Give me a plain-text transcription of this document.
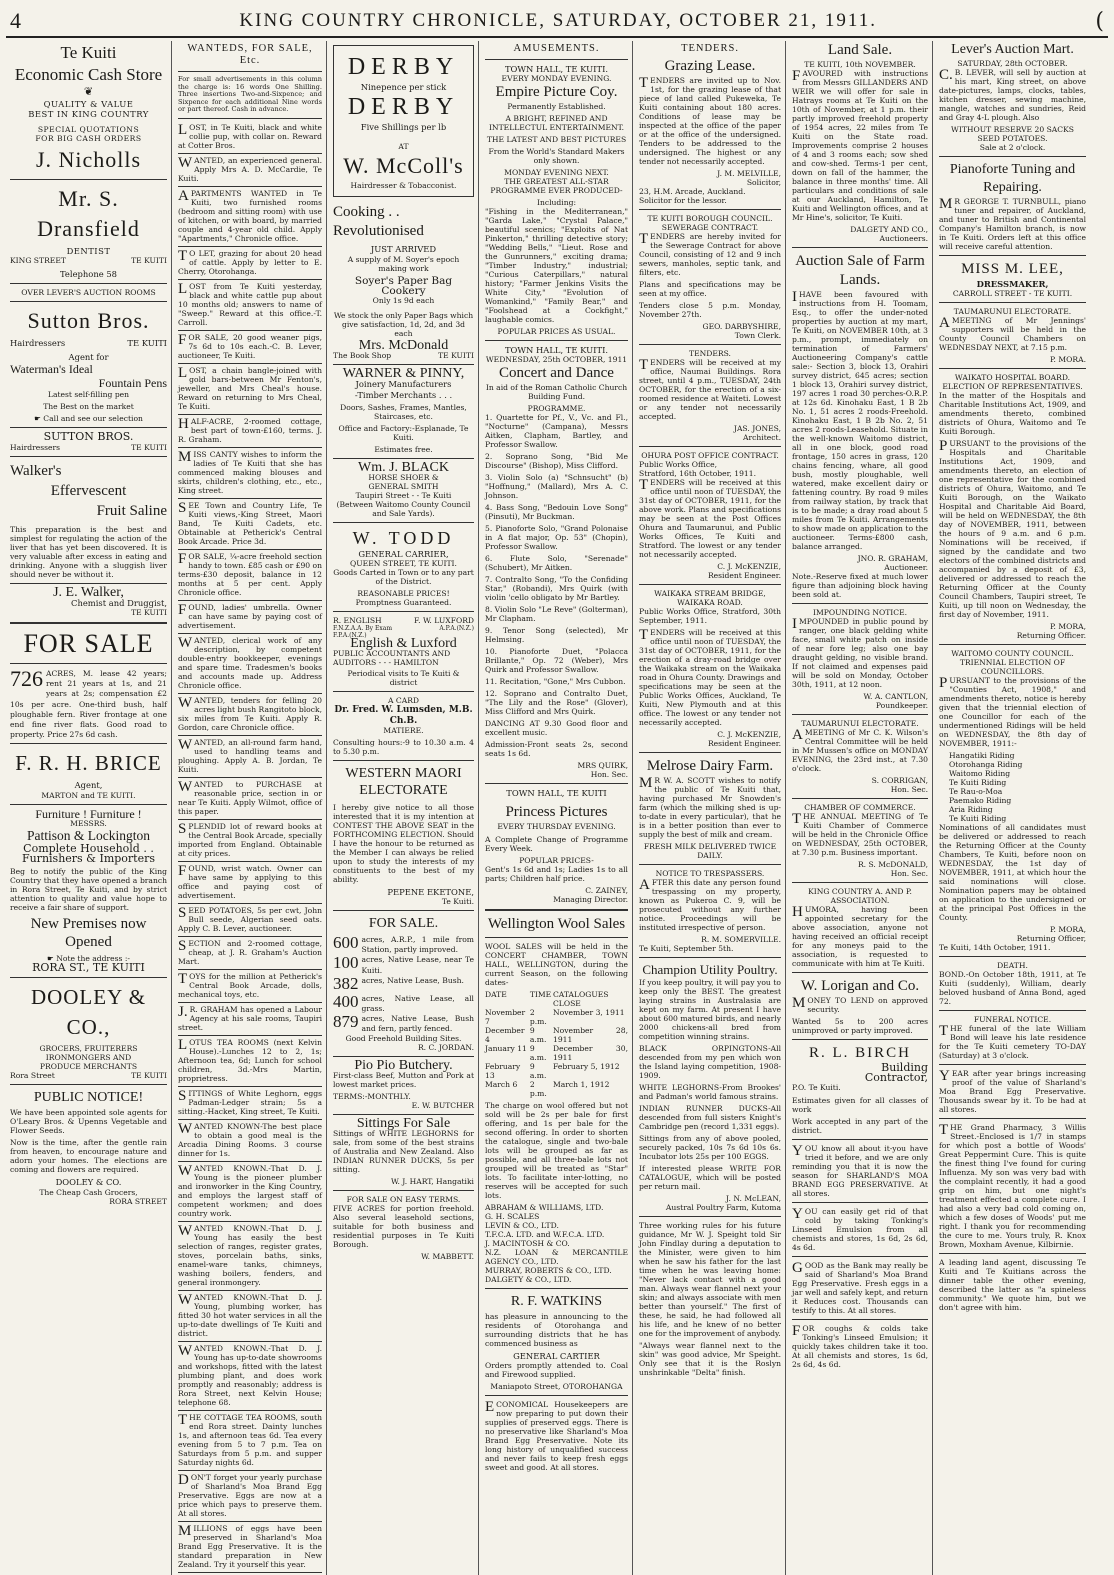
4	KING COUNTRY CHRONICLE, SATURDAY, OCTOBER 21, 1911.	(
Te Kuiti
Economic Cash Store
❦
QUALITY & VALUE
BEST IN KING COUNTRY
SPECIAL QUOTATIONS
FOR BIG CASH ORDERS
J. Nicholls
Mr. S. Dransfield
DENTIST
KING STREET	TE KUITI
Telephone 58
OVER LEVER'S AUCTION ROOMS
Sutton Bros.
Hairdressers	TE KUITI
Agent for
Waterman's Ideal
Fountain Pens
Latest self-filling pen
The Best on the market
☛ Call and see our selection
SUTTON BROS.
Hairdressers	TE KUITI
Walker's
Effervescent
Fruit Saline

This preparation is the best and simplest for regulating the action of the liver that has yet been discovered. It is very valuable after excess in eating and drinking. Anyone with a sluggish liver should never be without it.

J. E. Walker,
Chemist and Druggist,
TE KUITI
FOR SALE
726 ACRES, M. lease 42 years; rent 21 years at 1s, and 21 years at 2s; compensation £2 10s per acre. One-third bush, half ploughable fern. River frontage at one end fine river flats. Good road to property. Price 27s 6d cash.
F. R. H. BRICE
Agent,
MARTON and TE KUITI.
Furniture ! Furniture !
MESSRS.
Pattison & Lockington
Complete Household . .
Furnishers & Importers

Beg to notify the public of the King Country that they have opened a branch in Rora Street, Te Kuiti, and by strict attention to quality and value hope to receive a fair share of support.

New Premises now
Opened
☛ Note the address :-
RORA ST., TE KUITI
DOOLEY & CO.,
GROCERS, FRUITERERS
IRONMONGERS AND
PRODUCE MERCHANTS
Rora Street	TE KUITI
PUBLIC NOTICE!

We have been appointed sole agents for O'Leary Bros. & Upenns Vegetable and Flower Seeds.

Now is the time, after the gentle rain from heaven, to encourage nature and adorn your homes. The elections are coming and flowers are required.

DOOLEY & CO.
The Cheap Cash Grocers,
RORA STREET
WANTEDS, FOR SALE, Etc.

For small advertisements in this column the charge is: 16 words One Shilling. Three insertions Two-and-Sixpence; and Sixpence for each additional Nine words or part thereof. Cash in advance.

LOST, in Te Kuiti, black and white collie pup, with collar on. Reward at Cotter Bros.

WANTED, an experienced general. Apply Mrs A. D. McCardie, Te Kuiti.

APARTMENTS WANTED in Te Kuiti, two furnished rooms (bedroom and sitting room) with use of kitchen, or with board, by married couple and 4-year old child. Apply "Apartments," Chronicle office.

TO LET, grazing for about 20 head of cattle. Apply by letter to E. Cherry, Otorohanga.

LOST from Te Kuiti yesterday, black and white cattle pup about 10 months old; answers to name of "Sweep." Reward at this office.-T. Carroll.

FOR SALE, 20 good weaner pigs, 7s 6d to 10s each.-C. B. Lever, auctioneer, Te Kuiti.

LOST, a chain bangle-joined with gold bars-between Mr Fenton's, jeweller, and Mrs Cheal's house. Reward on returning to Mrs Cheal, Te Kuiti.

HALF-ACRE, 2-roomed cottage, best part of town-£160, terms. J. R. Graham.

MISS CANTY wishes to inform the ladies of Te Kuiti that she has commenced making blouses and skirts, children's clothing, etc., etc., King street.

SEE Town and Country Life, Te Kuiti views,-King Street, Maori Band, Te Kuiti Cadets, etc. Obtainable at Petherick's Central Book Arcade. Price 3d.

FOR SALE, ¼-acre freehold section handy to town. £85 cash or £90 on terms-£30 deposit, balance in 12 months at 5 per cent. Apply Chronicle office.

FOUND, ladies' umbrella. Owner can have same by paying cost of advertisement.

WANTED, clerical work of any description, by competent double-entry bookkeeper, evenings and spare time. Tradesmen's books and accounts made up. Address Chronicle office.

WANTED, tenders for felling 20 acres light bush Rangitoto block, six miles from Te Kuiti. Apply R. Gordon, care Chronicle office.

WANTED, an all-round farm hand, used to handling teams and ploughing. Apply A. B. Jordan, Te Kuiti.

WANTED to PURCHASE at reasonable price, section in or near Te Kuiti. Apply Wilmot, office of this paper.

SPLENDID lot of reward books at the Central Book Arcade, specially imported from England. Obtainable at city prices.

FOUND, wrist watch. Owner can have same by applying to this office and paying cost of advertisement.

SEED POTATOES, 5s per cwt, John Bull seede, Algerian seed oats. Apply C. B. Lever, auctioneer.

SECTION and 2-roomed cottage, cheap, at J. R. Graham's Auction Mart.

TOYS for the million at Petherick's Central Book Arcade, dolls, mechanical toys, etc.

J.R. GRAHAM has opened a Labour Agency at his sale rooms, Taupiri street.

LOTUS TEA ROOMS (next Kelvin House).-Lunches 12 to 2, 1s; Afternoon tea, 6d; Lunch for school children, 3d.-Mrs Martin, proprietress.

SITTINGS of White Leghorn, eggs Padman-Ledger strain; 5s a sitting.-Hacket, King street, Te Kuiti.

WANTED KNOWN-The best place to obtain a good meal is the Arcadia Dining Rooms. 3 course dinner for 1s.

WANTED KNOWN.-That D. J. Young is the pioneer plumber and ironworker in the King Country, and employs the largest staff of competent workmen; and does country work.

WANTED KNOWN.-That D. J. Young has easily the best selection of ranges, register grates, stoves, porcelain baths, sinks, enamel-ware tanks, chimneys, washing boilers, fenders, and general ironmongery.

WANTED KNOWN.-That D. J. Young, plumbing worker, has fitted 30 hot water services in all the up-to-date dwellings of Te Kuiti and district.

WANTED KNOWN.-That D. J. Young has up-to-date showrooms and workshops, fitted with the latest plumbing plant, and does work promptly and reasonably; address is Rora Street, next Kelvin House; telephone 68.

THE COTTAGE TEA ROOMS, south end Rora street. Dainty lunches 1s, and afternoon teas 6d. Tea every evening from 5 to 7 p.m. Tea on Saturdays from 5 p.m. and supper Saturday nights 6d.

DON'T forget your yearly purchase of Sharland's Moa Brand Egg Preservative. Eggs are now at a price which pays to preserve them. At all stores.

MILLIONS of eggs have been preserved in Sharland's Moa Brand Egg Preservative. It is the standard preparation in New Zealand. Try it yourself this year.

DERBY
Ninepence per stick
DERBY
Five Shillings per lb
AT
W. McColl's
Hairdresser & Tobacconist.
Cooking . .
Revolutionised
JUST ARRIVED

A supply of M. Soyer's epoch making work

Soyer's Paper Bag Cookery
Only 1s 9d each

We stock the only Paper Bags which give satisfaction, 1d, 2d, and 3d each

Mrs. McDonald
The Book Shop	TE KUITI
WARNER & PINNY,
Joinery Manufacturers
-Timber Merchants . . .

Doors, Sashes, Frames, Mantles, Staircases, etc.

Office and Factory:-Esplanade, Te Kuiti.

Estimates free.
Wm. J. BLACK
HORSE SHOER &
GENERAL SMITH
Taupiri Street - - Te Kuiti
(Between Waitomo County Council and Sale Yards).
W. TODD
GENERAL CARRIER,
QUEEN STREET, TE KUITI.

Goods Carted in Town or to any part of the District.

REASONABLE PRICES!
Promptness Guaranteed.
R. ENGLISH	F. W. LUXFORD
F.N.Z.A.A. By Exam	A.P.A.(N.Z.)
F.P.A.(N.Z.)
English & Luxford
PUBLIC ACCOUNTANTS AND
AUDITORS - - - HAMILTON
Periodical visits to Te Kuiti & district
A CARD
Dr. Fred. W. Lumsden, M.B. Ch.B.
MATIERE.

Consulting hours:-9 to 10.30 a.m. 4 to 5.30 p.m.

WESTERN MAORI
ELECTORATE

I hereby give notice to all those interested that it is my intention at CONTEST THE ABOVE SEAT in the FORTHCOMING ELECTION. Should I have the honour to be returned as the Member I can always be relied upon to study the interests of my constituents to the best of my ability.

PEPENE EKETONE,
Te Kuiti.
FOR SALE.
600 acres, A.R.P., 1 mile from Station, partly improved.
100 acres, Native Lease, near Te Kuiti.
382 acres, Native Lease, Bush.
400 acres, Native Lease, all grass.
879 acres, Native Lease, Bush and fern, partly fenced.
Good Freehold Building Sites.
R. C. JORDAN.
Pio Pio Butchery.

First-class Beef, Mutton and Pork at lowest market prices.

TERMS:-MONTHLY.
E. W. BUTCHER
Sittings For Sale

Sittings of WHITE LEGHORNS for sale, from some of the best strains of Australia and New Zealand. Also INDIAN RUNNER DUCKS, 5s per sitting.

W. J. HART, Hangatiki
FOR SALE ON EASY TERMS.

FIVE ACRES for portion freehold. Also several leasehold sections, suitable for both business and residential purposes in Te Kuiti Borough.

W. MABBETT.
AMUSEMENTS.
TOWN HALL, TE KUITI.
EVERY MONDAY EVENING.
Empire Picture Coy.
Permanently Established.

A BRIGHT, REFINED AND INTELLECTUL ENTERTAINMENT.

THE LATEST AND BEST PICTURES

From the World's Standard Makers only shown.

MONDAY EVENING NEXT.

THE GREATEST ALL-STAR PROGRAMME EVER PRODUCED-

Including:

"Fishing in the Mediterranean," "Garda Lake," "Crystal Palace," beautiful scenics; "Exploits of Nat Pinkerton," thrilling detective story; "Wedding Bells," "Lieut. Rose and the Gunrunners," exciting drama; "Timber Industry," industrial; "Curious Caterpillars," natural history; "Farmer Jenkins Visits the White City," "Evolution of Womankind," "Family Bear," and "Foolshead at a Cockfight," laughable comics.

POPULAR PRICES AS USUAL.
TOWN HALL, TE KUITI.
WEDNESDAY, 25th OCTOBER, 1911
Concert and Dance

In aid of the Roman Catholic Church Building Fund.

PROGRAMME.

1. Quartette for Pf., V., Vc. and Fl., "Nocturne" (Campana), Messrs Aitken, Clapham, Bartley, and Professor Swallow.

2. Soprano Song, "Bid Me Discourse" (Bishop), Miss Clifford.

3. Violin Solo (a) "Schnsucht" (b) "Hoffnung," (Mallard), Mrs A. C. Johnson.

4. Bass Song, "Bedouin Love Song" (Pinsuti), Mr Buckman.

5. Pianoforte Solo, "Grand Polonaise in A flat major, Op. 53" (Chopin), Professor Swallow.

6. Flute Solo, "Serenade" (Schubert), Mr Aitken.

7. Contralto Song, "To the Confiding Star," (Robandi), Mrs Quirk (with violin 'cello obligato by Mr Bartley.

8. Violin Solo "Le Reve" (Golterman), Mr Clapham.

9. Tenor Song (selected), Mr Helmsing.

10. Pianoforte Duet, "Polacca Brillante," Op. 72 (Weber), Mrs Quirk and Professor Swallow.

11. Recitation, "Gone," Mrs Cubbon.

12. Soprano and Contralto Duet, "The Lily and the Rose" (Glover), Miss Clifford and Mrs Quirk.

DANCING AT 9.30 Good floor and excellent music.

Admission-Front seats 2s, second seats 1s 6d.

MRS QUIRK,
Hon. Sec.
TOWN HALL, TE KUITI
Princess Pictures
EVERY THURSDAY EVENING.

A Complete Change of Programme Every Week.

POPULAR PRICES-

Gent's 1s 6d and 1s; Ladies 1s to all parts; Children half price.

C. ZAINEY,
Managing Director.
Wellington Wool Sales

WOOL SALES will be held in the CONCERT CHAMBER, TOWN HALL, WELLINGTON, during the current Season, on the following dates-

DATE	TIME	CATALOGUES CLOSE
November 7	2 p.m.	November 3, 1911
December 4	9 a.m.	November 28, 1911
January 11	9 a.m.	December 30, 1911
February 13	9 a.m.	February 5, 1912
March 6	2 p.m.	March 1, 1912

The charge on wool offered but not sold will be 2s per bale for first offering, and 1s per bale for the second offering. In order to shorten the catalogue, single and two-bale lots will be grouped as far as possible, and all three-bale lots not grouped will be treated as "Star" lots. To facilitate inter-lotting, no reserves will be accepted for such lots.

ABRAHAM & WILLIAMS, LTD.
G. H. SCALES
LEVIN & CO., LTD.
T.F.C.A. LTD. and W.F.C.A. LTD.
J. MACINTOSH & CO.
N.Z. LOAN & MERCANTILE AGENCY CO., LTD.
MURRAY, ROBERTS & CO., LTD.
DALGETY & CO., LTD.
R. F. WATKINS

has pleasure in announcing to the residents of Otorohanga and surrounding districts that he has commenced business as

GENERAL CARTIER

Orders promptly attended to. Coal and Firewood supplied.

Maniapoto Street, OTOROHANGA

ECONOMICAL Housekeepers are now preparing to put down their supplies of preserved eggs. There is no preservative like Sharland's Moa Brand Egg Preservative. Note its long history of unqualified success and never fails to keep fresh eggs sweet and good. At all stores.

TENDERS.
Grazing Lease.

TENDERS are invited up to Nov. 1st, for the grazing lease of that piece of land called Pukeweka, Te Kuiti containing about 180 acres. Conditions of lease may be inspected at the office of the paper or at the office of the undersigned. Tenders to be addressed to the undersigned. The highest or any tender not necessarily accepted.

J. M. MELVILLE,
Solicitor,
23, H.M. Arcade, Auckland.
Solicitor for the lessor.
TE KUITI BOROUGH COUNCIL.
SEWERAGE CONTRACT.

TENDERS are hereby invited for the Sewerage Contract for above Council, consisting of 12 and 9 inch sewers, manholes, septic tank, and filters, etc.

Plans and specifications may be seen at my office.

Tenders close 5 p.m. Monday, November 27th.

GEO. DARBYSHIRE,
Town Clerk.
TENDERS.

TENDERS will be received at my office, Naumai Buildings. Rora street, until 4 p.m., TUESDAY, 24th OCTOBER, for the erection of a six-roomed residence at Waiteti. Lowest or any tender not necessarily accepted.

JAS. JONES,
Architect.
OHURA POST OFFICE CONTRACT.
Public Works Office,
Stratford, 16th October, 1911.

TENDERS will be received at this office until noon of TUESDAY, the 31st day of OCTOBER, 1911, for the above work. Plans and specifications may be seen at the Post Offices Ohura and Taumarunui, and Public Works Offices, Te Kuiti and Stratford. The lowest or any tender not necessarily accepted.

C. J. McKENZIE,
Resident Engineer.
WAIKAKA STREAM BRIDGE, WAIKAKA ROAD.

Public Works Office, Stratford, 30th September, 1911.

TENDERS will be received at this office until noon of TUESDAY, the 31st day of OCTOBER, 1911, for the erection of a dray-road bridge over the Waikaka stream on the Waikaka road in Ohura County. Drawings and specifications may be seen at the Public Works Offices, Auckland, Te Kuiti, New Plymouth and at this office. The lowest or any tender not necessarily accepted.

C. J. McKENZIE,
Resident Engineer.
Melrose Dairy Farm.

MR W. A. SCOTT wishes to notify the public of Te Kuiti that, having purchased Mr Snowden's farm (which the milking shed is up-to-date in every particular), that he is in a better position than ever to supply the best of milk and cream.

FRESH MILK DELIVERED TWICE DAILY.
NOTICE TO TRESPASSERS.

AFTER this date any person found trespassing on my property, known as Pukeroa C. 9, will be prosecuted without any further notice. Proceedings will be instituted irrespective of person.

R. M. SOMERVILLE.
Te Kuiti, September 5th.
Champion Utility Poultry.

If you keep poultry, it will pay you to keep only the BEST. The greatest laying strains in Australasia are kept on my farm. At present I have about 600 matured birds, and nearly 2000 chickens-all bred from competition winning strains.

BLACK ORPINGTONS-All descended from my pen which won the Island laying competition, 1908-1909.

WHITE LEGHORNS-From Brookes' and Padman's world famous strains.

INDIAN RUNNER DUCKS-All descended from full sisters Knight's Cambridge pen (record 1,331 eggs).

Sittings from any of above pooled, securely packed, 10s 7s 6d 10s 6s. Incubator lots 25s per 100 EGGS.

If interested please WRITE FOR CATALOGUE, which will be posted per return mail.

J. N. McLEAN,
Austral Poultry Farm, Kutoma

Three working rules for his future guidance, Mr W. J. Speight told Sir John Findlay during a deputation to the Minister, were given to him when he saw his father for the last time when he was leaving home: "Never lack contact with a good man. Always wear flannel next your skin; and always associate with men better than yourself." The first of these, he said, he had followed all his life, and he knew of no better one for the improvement of anybody.

"Always wear flannel next to the skin" was good advice, Mr Speight. Only see that it is the Roslyn unshrinkable "Delta" finish.

Land Sale.
TE KUITI, 10th NOVEMBER.

FAVOURED with instructions from Messrs GILLANDERS AND WEIR we will offer for sale in Hatrays rooms at Te Kuiti on the 10th of November, at 1 p.m. their partly improved freehold property of 1954 acres, 22 miles from Te Kuiti on the State road. Improvements comprise 2 houses of 4 and 3 rooms each; sow shed and cow-shed. Terms-1 per cent, down on fall of the hammer, the balance in three months' time. All particulars and conditions of sale at our Auckland, Hamilton, Te Kuiti and Wellington offices, and at Mr Hine's, solicitor, Te Kuiti.

DALGETY AND CO.,
Auctioneers.
Auction Sale of Farm
Lands.

IHAVE been favoured with instructions from H. Toomam, Esq., to offer the under-noted properties by auction at my mart, Te Kuiti, on NOVEMBER 10th, at 3 p.m., prompt, immediately on termination of Farmers' Auctioneering Company's cattle sale:- Section 3, block 13, Orahiri survey district, 645 acres; section 1 block 13, Orahiri survey district, 197 acres 1 road 30 perches-O.R.P. at 12s 6d. Kinohaku East, 1 B 2b No. 1, 51 acres 2 roods-Freehold. Kinohaku East, 1 B 2b No. 2, 51 acres 2 roods-Leasehold. Situate in the well-known Waitomo district, all in one block, good road frontage, 150 acres in grass, 120 chains fencing, whare, all good bush, mostly ploughable, well watered, make excellent dairy or fattening country. By road 9 miles from railway station, by track that is to be made; a dray road about 5 miles from Te Kuiti. Arrangements to show made on application to the auctioneer. Terms-£800 cash, balance arranged.

JNO. R. GRAHAM,
Auctioneer.

Note.-Reserve fixed at much lower figure than adjoining block having been sold at.

IMPOUNDING NOTICE.

IMPOUNDED in public pound by ranger, one black gelding white face, small white patch on inside of near fore leg; also one bay draught gelding, no visible brand. If not claimed and expenses paid will be sold on Monday, October 30th, 1911, at 12 noon.

W. A. CANTLON,
Poundkeeper.
TAUMARUNUI ELECTORATE.

AMEETING of Mr C. K. Wilson's Central Committee will be held in Mr Mussen's office on MONDAY EVENING, the 23rd inst., at 7.30 o'clock.

S. CORRIGAN,
Hon. Sec.
CHAMBER OF COMMERCE.

THE ANNUAL MEETING of Te Kuiti Chamber of Commerce will be held in the Chronicle Office on WEDNESDAY, 25th OCTOBER, at 7.30 p.m. Business important.

R. S. McDONALD,
Hon. Sec.
KING COUNTRY A. AND P. ASSOCIATION.

HUMORA, having been appointed secretary for the above association, anyone not having received an official receipt for any moneys paid to the association, is requested to communicate with him at Te Kuiti.

W. Lorigan and Co.

MONEY TO LEND on approved security.

Wanted 5s to 200 acres unimproved or party improved.

R. L. BIRCH
Building
Contractor,
P.O. Te Kuiti.

Estimates given for all classes of work

Work accepted in any part of the district.

YOU know all about it-you have tried it before, and we are only reminding you that it is now the season for SHARLAND'S MOA BRAND EGG PRESERVATIVE. At all stores.

YOU can easily get rid of that cold by taking Tonking's Linseed Emulsion from all chemists and stores, 1s 6d, 2s 6d, 4s 6d.

GOOD as the Bank may really be said of Sharland's Moa Brand Egg Preservative. Fresh eggs in a jar well and safely kept, and return it Reduces cost. Thousands can testify to this. At all stores.

FOR coughs & colds take Tonking's Linseed Emulsion; it quickly takes children take it too. At all chemists and stores, 1s 6d, 2s 6d, 4s 6d.

Lever's Auction Mart.
SATURDAY, 28th OCTOBER.

C.B. LEVER, will sell by auction at his mart, King street, on above date-pictures, lamps, clocks, tables, kitchen dresser, sewing machine, mangle, watches and sundries, Reid and Gray 4-L plough. Also

WITHOUT RESERVE 20 SACKS SEED POTATOES.
Sale at 2 o'clock.
Pianoforte Tuning and
Repairing.

MR GEORGE T. TURNBULL, piano tuner and repairer, of Auckland, and tuner to British and Continental Company's Hamilton branch, is now in Te Kuiti. Orders left at this office will receive careful attention.

MISS M. LEE,
DRESSMAKER,
CARROLL STREET - TE KUITI.
TAUMARUNUI ELECTORATE.

AMEETING of Mr Jennings' supporters will be held in the County Council Chambers on WEDNESDAY NEXT, at 7.15 p.m.

P. MORA.
WAIKATO HOSPITAL BOARD.
ELECTION OF REPRESENTATIVES.

In the matter of the Hospitals and Charitable Institutions Act, 1909, and amendments thereto, combined districts of Ohura, Waitomo and Te Kuiti Borough.

PURSUANT to the provisions of the Hospitals and Charitable Institutions Act, 1909, and amendments thereto, an election of one representative for the combined districts of Ohura, Waitomo, and Te Kuiti Borough, on the Waikato Hospital and Charitable Aid Board, will be held on WEDNESDAY, the 8th day of NOVEMBER, 1911, between the hours of 9 a.m. and 6 p.m. Nominations will be received, if signed by the candidate and two electors of the combined districts and accompanied by a deposit of £3, delivered or addressed to reach the Returning Officer at the County Council Chambers, Taupiri street, Te Kuiti, up till noon on Wednesday, the first day of November, 1911.

P. MORA,
Returning Officer.
WAITOMO COUNTY COUNCIL.
TRIENNIAL ELECTION OF COUNCILLORS.

PURSUANT to the provisions of the "Counties Act, 1908," and amendments thereto, notice is hereby given that the triennial election of one Councillor for each of the undermentioned Ridings will be held on WEDNESDAY, the 8th day of NOVEMBER, 1911:-

Hangatiki Riding
Otorohanga Riding
Waitomo Riding
Te Kuiti Riding
Te Rau-o-Moa
Paemako Riding
Aria Riding
Te Kuiti Riding

Nominations of all candidates must be delivered or addressed to reach the Returning Officer at the County Chambers, Te Kuiti, before noon on WEDNESDAY, the 1st day of NOVEMBER, 1911, at which hour the said nominations will close. Nomination papers may be obtained on application to the undersigned or at the principal Post Offices in the County.

P. MORA,
Returning Officer,
Te Kuiti, 14th October, 1911.
DEATH.

BOND.-On October 18th, 1911, at Te Kuiti (suddenly), William, dearly beloved husband of Anna Bond, aged 72.

FUNERAL NOTICE.

THE funeral of the late William Bond will leave his late residence for the Te Kuiti cemetery TO-DAY (Saturday) at 3 o'clock.

YEAR after year brings increasing proof of the value of Sharland's Moa Brand Egg Preservative. Thousands swear by it. To be had at all stores.

THE Grand Pharmacy, 3 Willis Street.-Enclosed is 1/7 in stamps for which post a bottle of Woods' Great Peppermint Cure. This is quite the finest thing I've found for curing Influenza. My son was very bad with the complaint recently, it had a good grip on him, but one night's treatment effected a complete cure. I had also a very bad cold coming on, which a few doses of Woods' put me right. I thank you for recommending the cure to me. Yours truly, R. Knox Brown, Moxham Avenue, Kilbirnie.

A leading land agent, discussing Te Kuiti and Te Kuitians across the dinner table the other evening, described the latter as "a spineless community." We quote him, but we don't agree with him.
